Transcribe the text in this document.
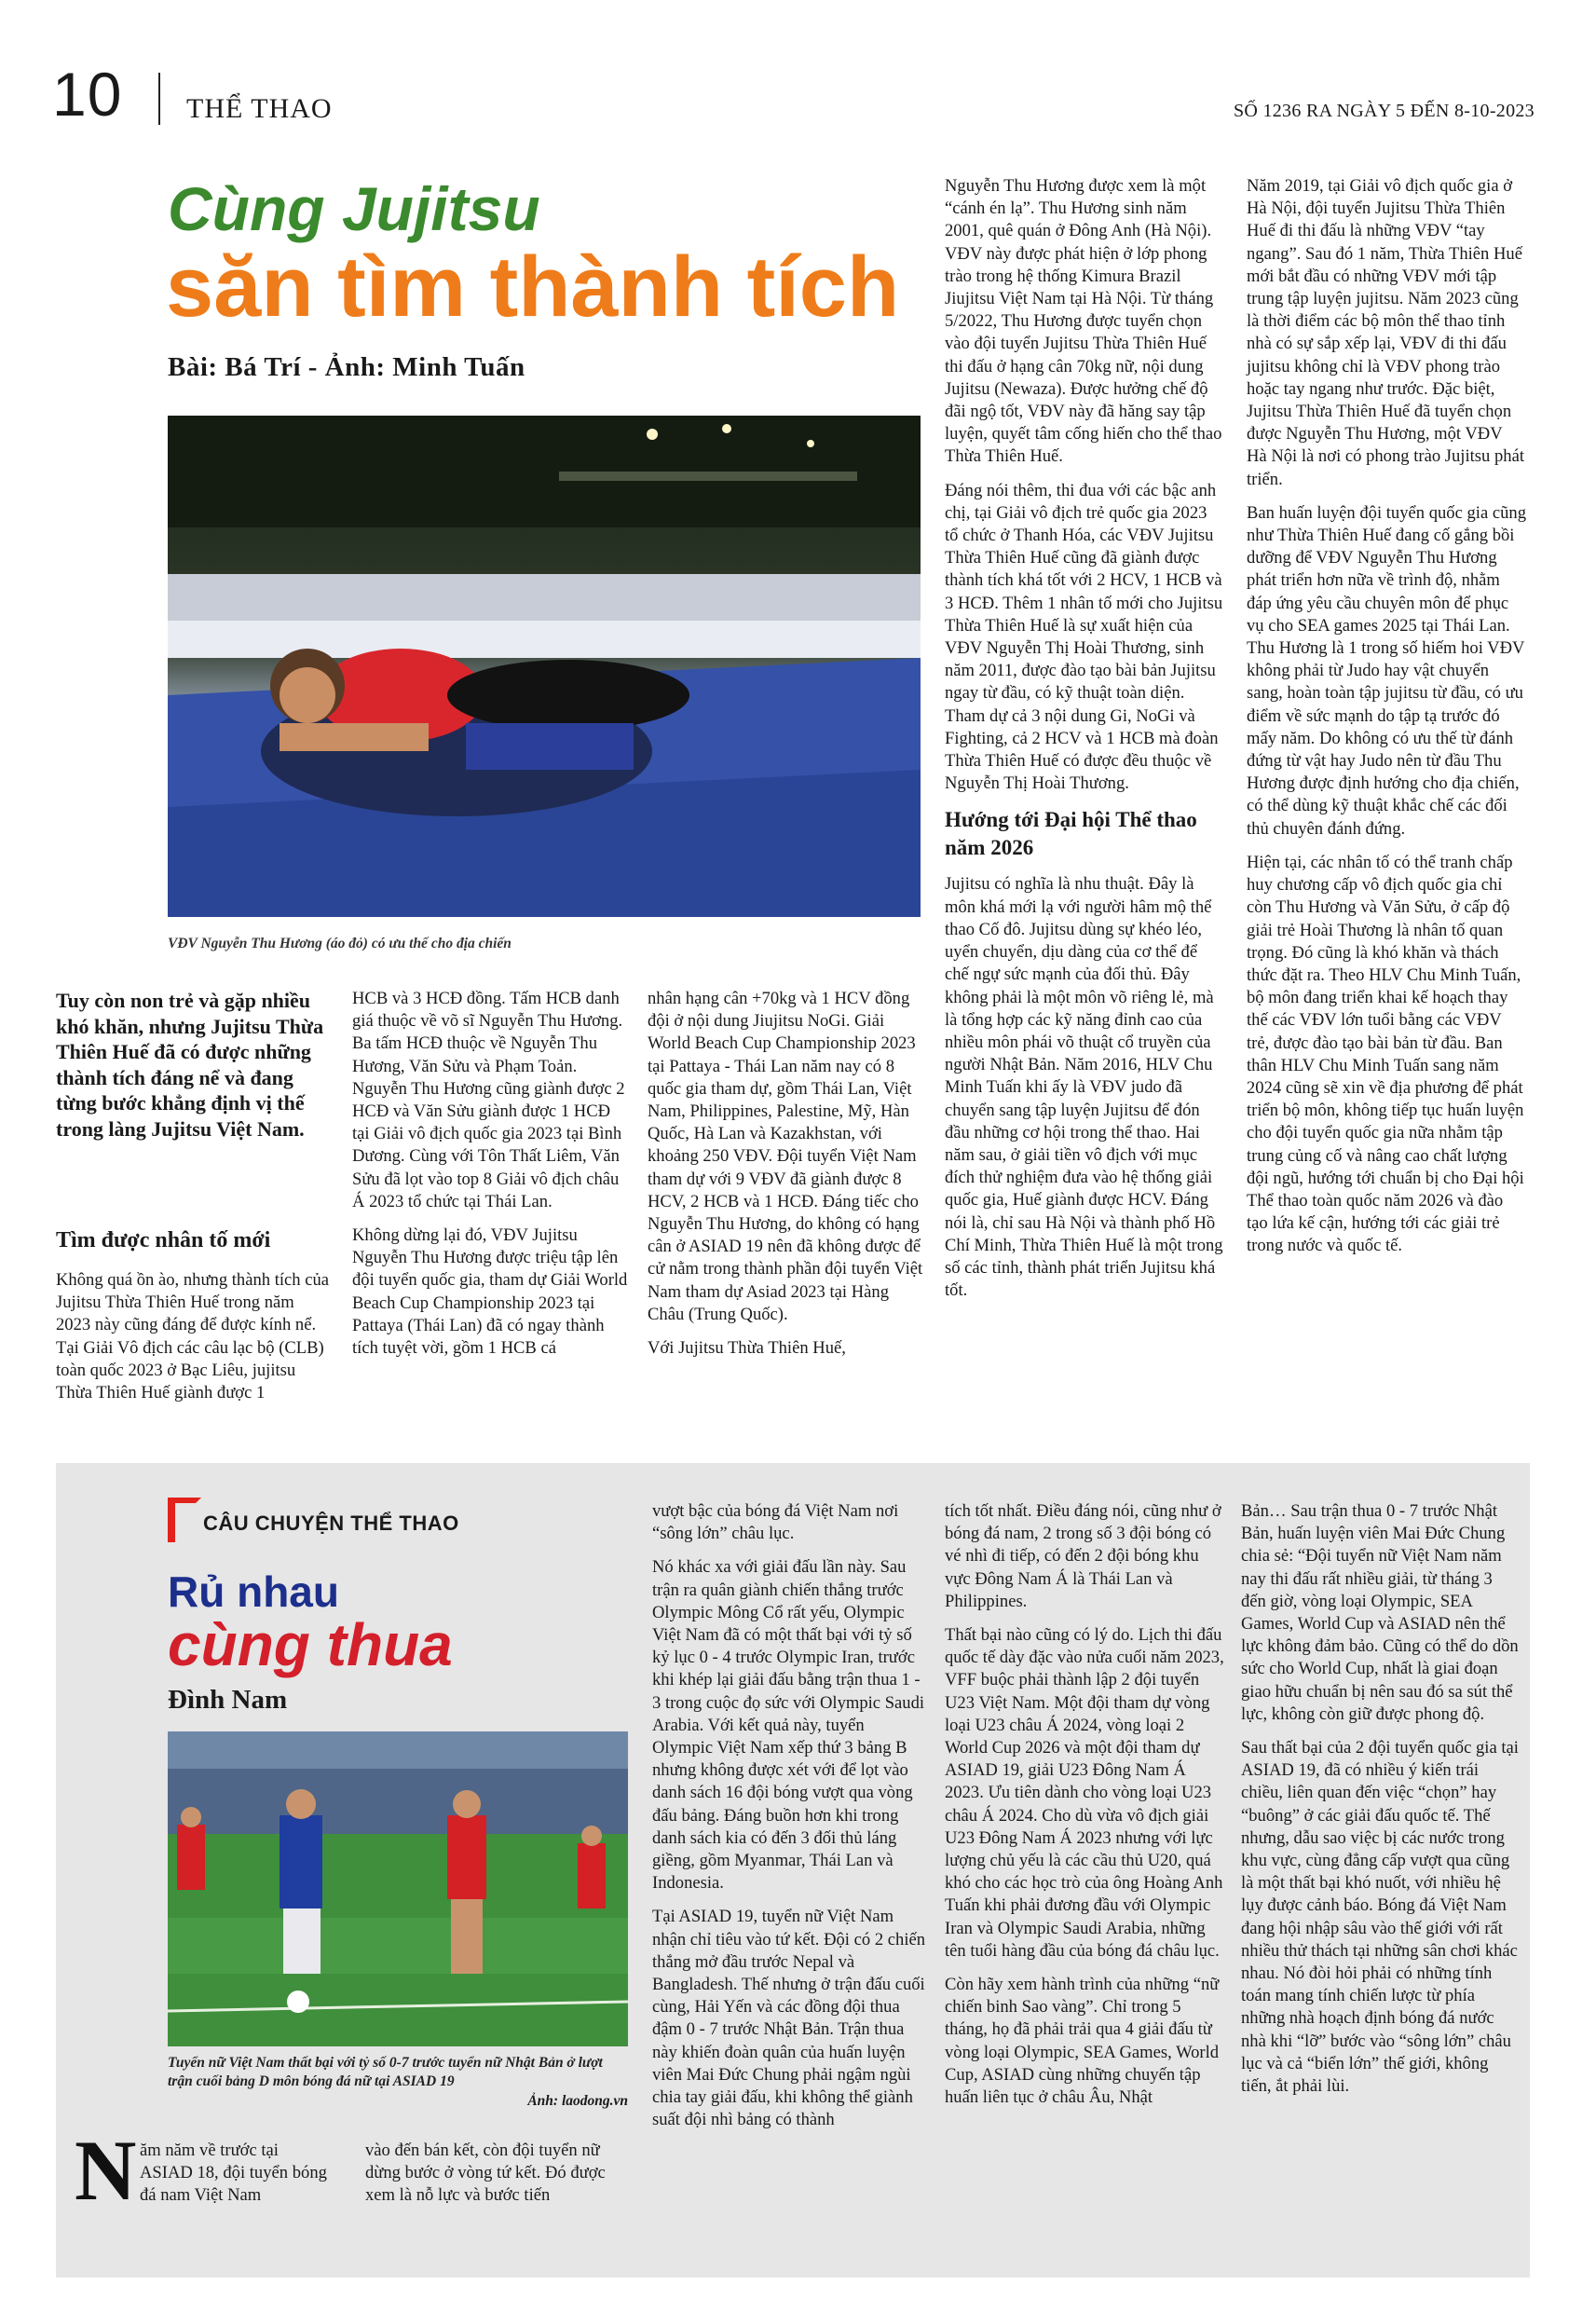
10 THỂ THAO	SỐ 1236 RA NGÀY 5 ĐẾN 8-10-2023
Cùng Jujitsu
săn tìm thành tích
Bài: Bá Trí - Ảnh: Minh Tuấn
VĐV Nguyễn Thu Hương (áo đỏ) có ưu thế cho địa chiến
Tuy còn non trẻ và gặp nhiều khó khăn, nhưng Jujitsu Thừa Thiên Huế đã có được những thành tích đáng nể và đang từng bước khẳng định vị thế trong làng Jujitsu Việt Nam.
Tìm được nhân tố mới

Không quá ồn ào, nhưng thành tích của Jujitsu Thừa Thiên Huế trong năm 2023 này cũng đáng để được kính nể. Tại Giải Vô địch các câu lạc bộ (CLB) toàn quốc 2023 ở Bạc Liêu, jujitsu Thừa Thiên Huế giành được 1

HCB và 3 HCĐ đồng. Tấm HCB danh giá thuộc về võ sĩ Nguyễn Thu Hương. Ba tấm HCĐ thuộc về Nguyễn Thu Hương, Văn Sửu và Phạm Toản. Nguyễn Thu Hương cũng giành được 2 HCĐ và Văn Sửu giành được 1 HCĐ tại Giải vô địch quốc gia 2023 tại Bình Dương. Cùng với Tôn Thất Liêm, Văn Sửu đã lọt vào top 8 Giải vô địch châu Á 2023 tổ chức tại Thái Lan.

Không dừng lại đó, VĐV Jujitsu Nguyễn Thu Hương được triệu tập lên đội tuyển quốc gia, tham dự Giải World Beach Cup Championship 2023 tại Pattaya (Thái Lan) đã có ngay thành tích tuyệt vời, gồm 1 HCB cá

nhân hạng cân +70kg và 1 HCV đồng đội ở nội dung Jiujitsu NoGi. Giải World Beach Cup Championship 2023 tại Pattaya - Thái Lan năm nay có 8 quốc gia tham dự, gồm Thái Lan, Việt Nam, Philippines, Palestine, Mỹ, Hàn Quốc, Hà Lan và Kazakhstan, với khoảng 250 VĐV. Đội tuyển Việt Nam tham dự với 9 VĐV đã giành được 8 HCV, 2 HCB và 1 HCĐ. Đáng tiếc cho Nguyễn Thu Hương, do không có hạng cân ở ASIAD 19 nên đã không được để cử nằm trong thành phần đội tuyển Việt Nam tham dự Asiad 2023 tại Hàng Châu (Trung Quốc).

Với Jujitsu Thừa Thiên Huế,

Nguyễn Thu Hương được xem là một “cánh én lạ”. Thu Hương sinh năm 2001, quê quán ở Đông Anh (Hà Nội). VĐV này được phát hiện ở lớp phong trào trong hệ thống Kimura Brazil Jiujitsu Việt Nam tại Hà Nội. Từ tháng 5/2022, Thu Hương được tuyển chọn vào đội tuyển Jujitsu Thừa Thiên Huế thi đấu ở hạng cân 70kg nữ, nội dung Jujitsu (Newaza). Được hưởng chế độ đãi ngộ tốt, VĐV này đã hăng say tập luyện, quyết tâm cống hiến cho thể thao Thừa Thiên Huế.

Đáng nói thêm, thi đua với các bậc anh chị, tại Giải vô địch trẻ quốc gia 2023 tổ chức ở Thanh Hóa, các VĐV Jujitsu Thừa Thiên Huế cũng đã giành được thành tích khá tốt với 2 HCV, 1 HCB và 3 HCĐ. Thêm 1 nhân tố mới cho Jujitsu Thừa Thiên Huế là sự xuất hiện của VĐV Nguyễn Thị Hoài Thương, sinh năm 2011, được đào tạo bài bản Jujitsu ngay từ đầu, có kỹ thuật toàn diện. Tham dự cả 3 nội dung Gi, NoGi và Fighting, cả 2 HCV và 1 HCB mà đoàn Thừa Thiên Huế có được đều thuộc về Nguyễn Thị Hoài Thương.

Hướng tới Đại hội Thể thao năm 2026

Jujitsu có nghĩa là nhu thuật. Đây là môn khá mới lạ với người hâm mộ thể thao Cố đô. Jujitsu dùng sự khéo léo, uyển chuyển, dịu dàng của cơ thể để chế ngự sức mạnh của đối thủ. Đây không phải là một môn võ riêng lẻ, mà là tổng hợp các kỹ năng đỉnh cao của nhiều môn phái võ thuật cổ truyền của người Nhật Bản. Năm 2016, HLV Chu Minh Tuấn khi ấy là VĐV judo đã chuyển sang tập luyện Jujitsu để đón đầu những cơ hội trong thể thao. Hai năm sau, ở giải tiền vô địch với mục đích thử nghiệm đưa vào hệ thống giải quốc gia, Huế giành được HCV. Đáng nói là, chỉ sau Hà Nội và thành phố Hồ Chí Minh, Thừa Thiên Huế là một trong số các tỉnh, thành phát triển Jujitsu khá tốt.

Năm 2019, tại Giải vô địch quốc gia ở Hà Nội, đội tuyển Jujitsu Thừa Thiên Huế đi thi đấu là những VĐV “tay ngang”. Sau đó 1 năm, Thừa Thiên Huế mới bắt đầu có những VĐV mới tập trung tập luyện jujitsu. Năm 2023 cũng là thời điểm các bộ môn thể thao tỉnh nhà có sự sắp xếp lại, VĐV đi thi đấu jujitsu không chỉ là VĐV phong trào hoặc tay ngang như trước. Đặc biệt, Jujitsu Thừa Thiên Huế đã tuyển chọn được Nguyễn Thu Hương, một VĐV Hà Nội là nơi có phong trào Jujitsu phát triển.

Ban huấn luyện đội tuyển quốc gia cũng như Thừa Thiên Huế đang cố gắng bồi dưỡng để VĐV Nguyễn Thu Hương phát triển hơn nữa về trình độ, nhằm đáp ứng yêu cầu chuyên môn để phục vụ cho SEA games 2025 tại Thái Lan. Thu Hương là 1 trong số hiếm hoi VĐV không phải từ Judo hay vật chuyển sang, hoàn toàn tập jujitsu từ đầu, có ưu điểm về sức mạnh do tập tạ trước đó mấy năm. Do không có ưu thế từ đánh đứng từ vật hay Judo nên từ đầu Thu Hương được định hướng cho địa chiến, có thể dùng kỹ thuật khắc chế các đối thủ chuyên đánh đứng.

Hiện tại, các nhân tố có thể tranh chấp huy chương cấp vô địch quốc gia chỉ còn Thu Hương và Văn Sửu, ở cấp độ giải trẻ Hoài Thương là nhân tố quan trọng. Đó cũng là khó khăn và thách thức đặt ra. Theo HLV Chu Minh Tuấn, bộ môn đang triển khai kế hoạch thay thế các VĐV lớn tuổi bằng các VĐV trẻ, được đào tạo bài bản từ đầu. Ban thân HLV Chu Minh Tuấn sang năm 2024 cũng sẽ xin về địa phương để phát triển bộ môn, không tiếp tục huấn luyện cho đội tuyển quốc gia nữa nhằm tập trung củng cố và nâng cao chất lượng đội ngũ, hướng tới chuẩn bị cho Đại hội Thể thao toàn quốc năm 2026 và đào tạo lứa kế cận, hướng tới các giải trẻ trong nước và quốc tế.

CÂU CHUYỆN THỂ THAO
Rủ nhau
cùng thua
Đình Nam
Tuyển nữ Việt Nam thất bại với tỷ số 0-7 trước tuyển nữ Nhật Bản ở lượt trận cuối bảng D môn bóng đá nữ tại ASIAD 19
Ảnh: laodong.vn
N ăm năm về trước tại ASIAD 18, đội tuyển bóng đá nam Việt Nam

vào đến bán kết, còn đội tuyển nữ dừng bước ở vòng tứ kết. Đó được xem là nỗ lực và bước tiến

vượt bậc của bóng đá Việt Nam nơi “sông lớn” châu lục.

Nó khác xa với giải đấu lần này. Sau trận ra quân giành chiến thắng trước Olympic Mông Cổ rất yếu, Olympic Việt Nam đã có một thất bại với tỷ số kỷ lục 0 - 4 trước Olympic Iran, trước khi khép lại giải đấu bằng trận thua 1 - 3 trong cuộc đọ sức với Olympic Saudi Arabia. Với kết quả này, tuyển Olympic Việt Nam xếp thứ 3 bảng B nhưng không được xét với để lọt vào danh sách 16 đội bóng vượt qua vòng đấu bảng. Đáng buồn hơn khi trong danh sách kia có đến 3 đối thủ láng giềng, gồm Myanmar, Thái Lan và Indonesia.

Tại ASIAD 19, tuyển nữ Việt Nam nhận chỉ tiêu vào tứ kết. Đội có 2 chiến thắng mở đầu trước Nepal và Bangladesh. Thế nhưng ở trận đấu cuối cùng, Hải Yến và các đồng đội thua đậm 0 - 7 trước Nhật Bản. Trận thua này khiến đoàn quân của huấn luyện viên Mai Đức Chung phải ngậm ngùi chia tay giải đấu, khi không thể giành suất đội nhì bảng có thành

tích tốt nhất. Điều đáng nói, cũng như ở bóng đá nam, 2 trong số 3 đội bóng có vé nhì đi tiếp, có đến 2 đội bóng khu vực Đông Nam Á là Thái Lan và Philippines.

Thất bại nào cũng có lý do. Lịch thi đấu quốc tế dày đặc vào nửa cuối năm 2023, VFF buộc phải thành lập 2 đội tuyển U23 Việt Nam. Một đội tham dự vòng loại U23 châu Á 2024, vòng loại 2 World Cup 2026 và một đội tham dự ASIAD 19, giải U23 Đông Nam Á 2023. Ưu tiên dành cho vòng loại U23 châu Á 2024. Cho dù vừa vô địch giải U23 Đông Nam Á 2023 nhưng với lực lượng chủ yếu là các cầu thủ U20, quá khó cho các học trò của ông Hoàng Anh Tuấn khi phải đương đầu với Olympic Iran và Olympic Saudi Arabia, những tên tuổi hàng đầu của bóng đá châu lục.

Còn hãy xem hành trình của những “nữ chiến binh Sao vàng”. Chỉ trong 5 tháng, họ đã phải trải qua 4 giải đấu từ vòng loại Olympic, SEA Games, World Cup, ASIAD cùng những chuyến tập huấn liên tục ở châu Âu, Nhật

Bản… Sau trận thua 0 - 7 trước Nhật Bản, huấn luyện viên Mai Đức Chung chia sẻ: “Đội tuyển nữ Việt Nam năm nay thi đấu rất nhiều giải, từ tháng 3 đến giờ, vòng loại Olympic, SEA Games, World Cup và ASIAD nên thể lực không đảm bảo. Cũng có thể do dồn sức cho World Cup, nhất là giai đoạn giao hữu chuẩn bị nên sau đó sa sút thể lực, không còn giữ được phong độ.

Sau thất bại của 2 đội tuyển quốc gia tại ASIAD 19, đã có nhiều ý kiến trái chiều, liên quan đến việc “chọn” hay “buông” ở các giải đấu quốc tế. Thế nhưng, dẫu sao việc bị các nước trong khu vực, cùng đẳng cấp vượt qua cũng là một thất bại khó nuốt, với nhiều hệ lụy được cảnh báo. Bóng đá Việt Nam đang hội nhập sâu vào thế giới với rất nhiều thử thách tại những sân chơi khác nhau. Nó đòi hỏi phải có những tính toán mang tính chiến lược từ phía những nhà hoạch định bóng đá nước nhà khi “lỡ” bước vào “sông lớn” châu lục và cả “biển lớn” thế giới, không tiến, ắt phải lùi.
